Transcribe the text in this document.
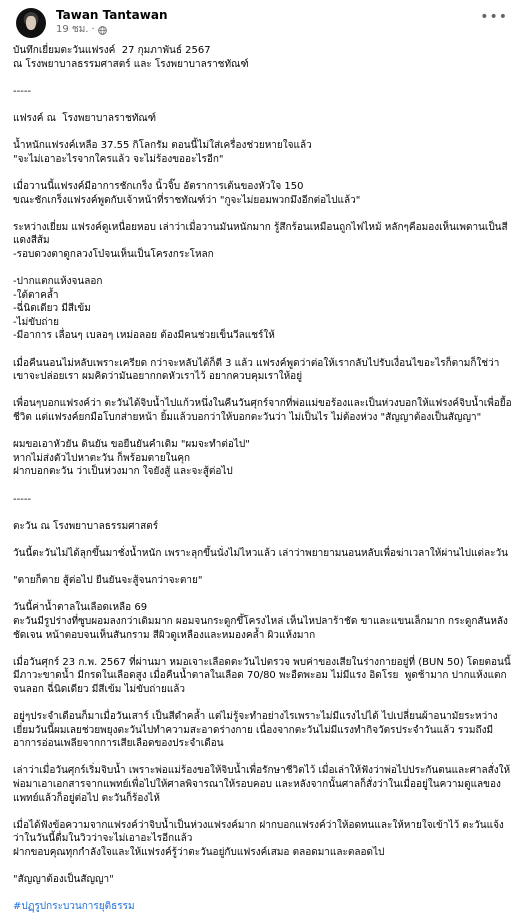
Tawan Tantawan
19 ชม. ·
•••

บันทึกเยี่ยมตะวันแฟรงค์  27 กุมภาพันธ์ 2567

ณ โรงพยาบาลธรรมศาสตร์ และ โรงพยาบาลราชทัณฑ์

-----

แฟรงค์ ณ  โรงพยาบาลราชทัณฑ์

น้ำหนักแฟรงค์เหลือ 37.55 กิโลกรัม ตอนนี้ไม่ใส่เครื่องช่วยหายใจแล้ว

"จะไม่เอาอะไรจากใครแล้ว จะไม่ร้องขออะไรอีก"

เมื่อวานนี้แฟรงค์มีอาการชักเกร็ง นิ้วจิ๊บ อัตราการเต้นของหัวใจ 150

ขณะชักเกร็งแฟรงค์พูดกับเจ้าหน้าที่ราชทัณฑ์ว่า "กูจะไม่ยอมพวกมึงอีกต่อไปแล้ว"

ระหว่างเยี่ยม แฟรงค์ดูเหนื่อยหอบ เล่าว่าเมื่อวานมันหนักมาก รู้สึกร้อนเหมือนถูกไฟไหม้ หลักๆคือมองเห็นเพดานเป็นสีแดงสีส้ม

-รอบดวงตาดูกลวงโบ๋จนเห็นเป็นโครงกระโหลก

-ปากแตกแห้งจนลอก

-ใต้ตาคล้ำ

-ฉี่นิดเดียว มีสีเข้ม

-ไม่ขับถ่าย

-มีอาการ เลื่อนๆ เบลอๆ เหม่อลอย ต้องมีคนช่วยเข็นวีลแชร์ให้

เมื่อคืนนอนไม่หลับเพราะเครียด กว่าจะหลับได้ก็ตี 3 แล้ว แฟรงค์พูดว่าต่อให้เรากลับไปรับเงื่อนไขอะไรก็ตามก็ใช่ว่าเขาจะปล่อยเรา ผมคิดว่ามันอยากกดหัวเราไว้ อยากควบคุมเราให้อยู่

เพื่อนๆบอกแฟรงค์ว่า ตะวันได้จิบน้ำไปแก้วหนึ่งในคืนวันศุกร์จากที่พ่อแม่ขอร้องและเป็นห่วงบอกให้แฟรงค์จิบน้ำเพื่อยื้อชีวิต แต่แฟรงค์ยกมือโบกส่ายหน้า ยิ้มแล้วบอกว่าให้บอกตะวันว่า ไม่เป็นไร ไม่ต้องห่วง "สัญญาต้องเป็นสัญญา"

ผมขอเอาหัวยัน ดินยัน ขอยืนยันคำเดิม "ผมจะทำต่อไป"

หากไม่ส่งตัวไปหาตะวัน ก็พร้อมตายในคุก

ฝากบอกตะวัน ว่าเป็นห่วงมาก ใจยังสู้ และจะสู้ต่อไป

-----

ตะวัน ณ โรงพยาบาลธรรมศาสตร์

วันนี้ตะวันไม่ได้ลุกขึ้นมาชั่งน้ำหนัก เพราะลุกขึ้นนั่งไม่ไหวแล้ว เล่าว่าพยายามนอนหลับเพื่อฆ่าเวลาให้ผ่านไปแต่ละวัน

"ตายก็ตาย สู้ต่อไป ยืนยันจะสู้จนกว่าจะตาย"

วันนี้ค่าน้ำตาลในเลือดเหลือ 69

ตะวันมีรูปร่างที่ซูบผอมลงกว่าเดิมมาก ผอมจนกระดูกขึ้โครงไหล่ เห็นไหปลาร้าชัด ขาและแขนเล็กมาก กระดูกสันหลังชัดเจน หน้าตอบจนเห็นสันกราม สีผิวดูเหลืองและหมองคล้ำ ผิวแห้งมาก

เมื่อวันศุกร์ 23 ก.พ. 2567 ที่ผ่านมา หมอเจาะเลือดตะวันไปตรวจ พบค่าของเสียในร่างกายอยู่ที่ (BUN 50) โดยตอนนี้มีภาวะขาดน้ำ มีกรดในเลือดสูง เมื่อคืนน้ำตาลในเลือด 70/80 พะอืดพะอม ไม่มีแรง อิดโรย  พูดช้ามาก ปากแห้งแตกจนลอก ฉี่นิดเดียว มีสีเข้ม ไม่ขับถ่ายแล้ว

อยู่ๆประจำเดือนก็มาเมื่อวันเสาร์ เป็นสีดำคล้ำ แต่ไม่รู้จะทำอย่างไรเพราะไม่มีแรงไปได้ ไปเปลี่ยนผ้าอนามัยระหว่างเยี่ยมวันนี้ผมเลยช่วยพยุงตะวันไปทำความสะอาดร่างกาย เนื่องจากตะวันไม่มีแรงทำกิจวัตรประจำวันแล้ว รวมถึงมีอาการอ่อนเพลียจากการเสียเลือดของประจำเดือน

เล่าว่าเมื่อวันศุกร์เริ่มจิบน้ำ เพราะพ่อแม่ร้องขอให้จิบน้ำเพื่อรักษาชีวิตไว้ เมื่อเล่าให้ฟังว่าพ่อไปประกันตนและศาลสั่งให้พ่อมาเอาเอกสารจากแพทย์เพื่อไปให้ศาลพิจารณาให้รอบคอบ และหลังจากนั้นศาลก็สั่งว่าในเมื่ออยู่ในความดูแลของแพทย์แล้วก็อยู่ต่อไป ตะวันก็ร้องไห้

เมื่อได้ฟังข้อความจากแฟรงค์ว่าจิบน้ำเป็นห่วงแฟรงค์มาก ฝากบอกแฟรงค์ว่าให้อดทนและให้หายใจเข้าไว้ ตะวันแจ้งว่าในวันนี้ดื่มในวิวว่าจะไม่เอาอะไรอีกแล้ว

ฝากขอบคุณทุกกำลังใจและให้แฟรงค์รู้ว่าตะวันอยู่กับแฟรงค์เสมอ ตลอดมาและตลอดไป

"สัญญาต้องเป็นสัญญา"

#ปฏฺรูปกระบวนการยุติธรรม
